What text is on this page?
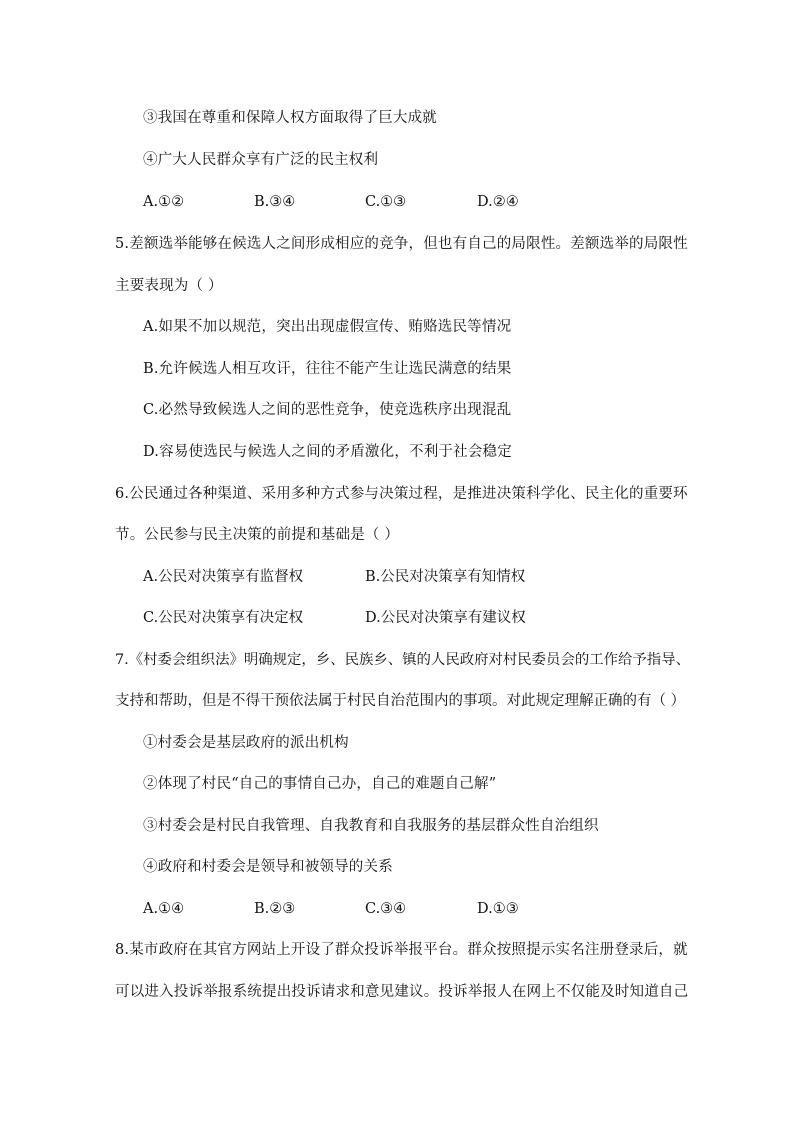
③我国在尊重和保障人权方面取得了巨大成就
④广大人民群众享有广泛的民主权利
A.①②	B.③④	C.①③	D.②④
5.差额选举能够在候选人之间形成相应的竞争，但也有自己的局限性。差额选举的局限性
主要表现为（ ）
A.如果不加以规范，突出出现虚假宣传、贿赂选民等情况
B.允许候选人相互攻讦，往往不能产生让选民满意的结果
C.必然导致候选人之间的恶性竞争，使竞选秩序出现混乱
D.容易使选民与候选人之间的矛盾激化，不利于社会稳定
6.公民通过各种渠道、采用多种方式参与决策过程，是推进决策科学化、民主化的重要环
节。公民参与民主决策的前提和基础是（ ）
A.公民对决策享有监督权	B.公民对决策享有知情权
C.公民对决策享有决定权	D.公民对决策享有建议权
7.《村委会组织法》明确规定，乡、民族乡、镇的人民政府对村民委员会的工作给予指导、
支持和帮助，但是不得干预依法属于村民自治范围内的事项。对此规定理解正确的有（ ）
①村委会是基层政府的派出机构
②体现了村民“自己的事情自己办，自己的难题自己解”
③村委会是村民自我管理、自我教育和自我服务的基层群众性自治组织
④政府和村委会是领导和被领导的关系
A.①④	B.②③	C.③④	D.①③
8.某市政府在其官方网站上开设了群众投诉举报平台。群众按照提示实名注册登录后，就
可以进入投诉举报系统提出投诉请求和意见建议。投诉举报人在网上不仅能及时知道自己
